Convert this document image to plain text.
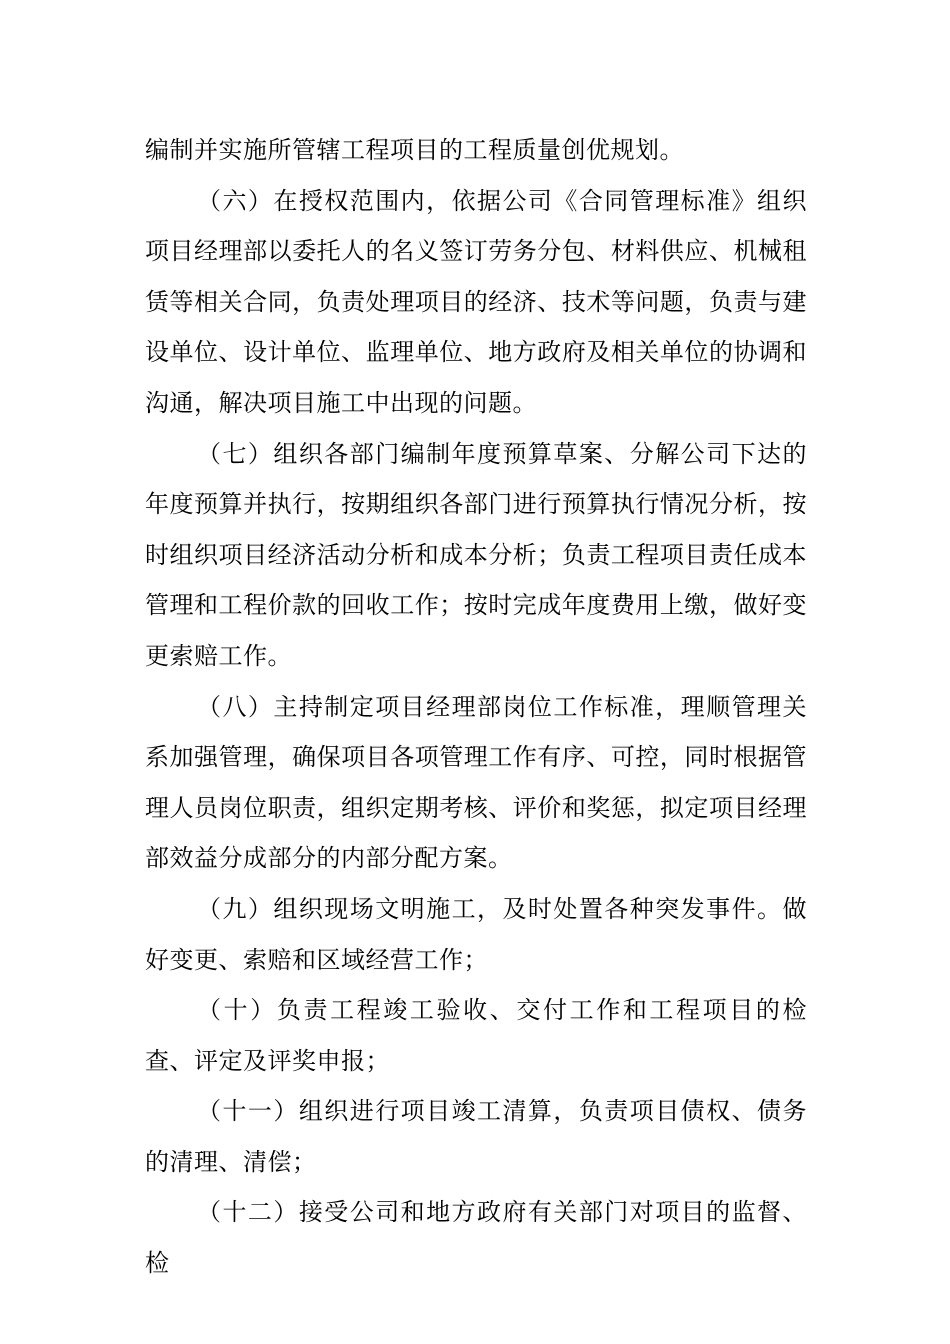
编制并实施所管辖工程项目的工程质量创优规划。

（六）在授权范围内，依据公司《合同管理标准》组织项目经理部以委托人的名义签订劳务分包、材料供应、机械租赁等相关合同，负责处理项目的经济、技术等问题，负责与建设单位、设计单位、监理单位、地方政府及相关单位的协调和沟通，解决项目施工中出现的问题。

（七）组织各部门编制年度预算草案、分解公司下达的年度预算并执行，按期组织各部门进行预算执行情况分析，按时组织项目经济活动分析和成本分析；负责工程项目责任成本管理和工程价款的回收工作；按时完成年度费用上缴，做好变更索赔工作。

（八）主持制定项目经理部岗位工作标准，理顺管理关系加强管理，确保项目各项管理工作有序、可控，同时根据管理人员岗位职责，组织定期考核、评价和奖惩，拟定项目经理部效益分成部分的内部分配方案。

（九）组织现场文明施工，及时处置各种突发事件。做好变更、索赔和区域经营工作；

（十）负责工程竣工验收、交付工作和工程项目的检查、评定及评奖申报；

（十一）组织进行项目竣工清算，负责项目债权、债务的清理、清偿；

（十二）接受公司和地方政府有关部门对项目的监督、检
